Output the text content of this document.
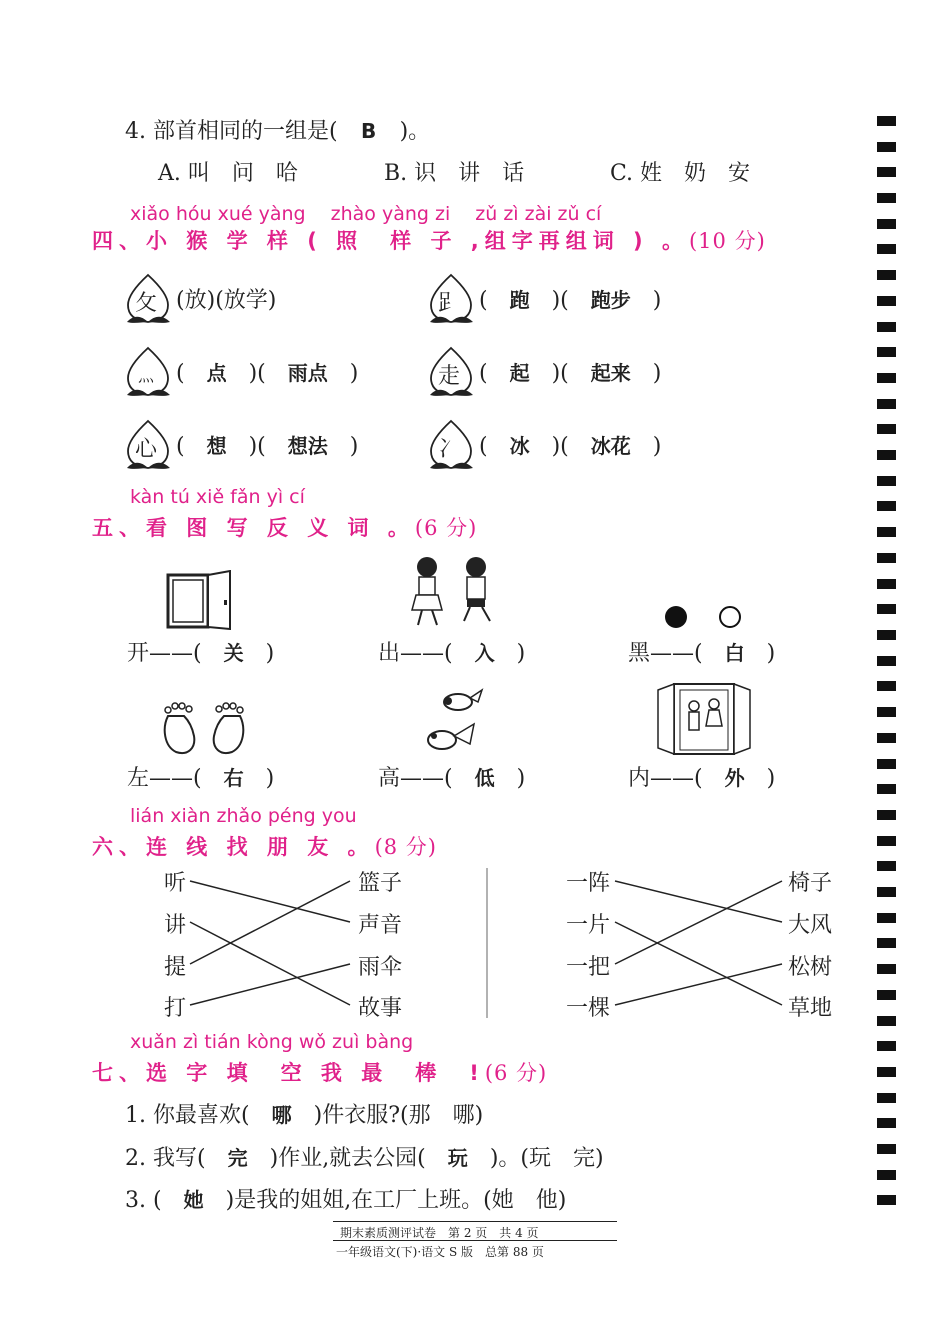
4. 部首相同的一组是( B )。
A. 叫　问　哈	B. 识　讲　话	C. 姓　奶　安
xiǎo hóu xué yàng　 zhào yàng zi　 zǔ zì zài zǔ cí
四、小 猴 学 样 ( 照　样 子 ,组字再组词 ) 。(10 分)
攵 (放)(放学)	𧾷 (　跑　)(　跑步　)
灬	(　点　)(　雨点　)	走 (　起　)(　起来　)
心 (　想　)(　想法　)	冫 (　冰　)(　冰花　)
kàn tú xiě fǎn yì cí
五、看 图 写 反 义 词 。(6 分)
开——(　 关　)	出——(　 入　)	黑——(　 白　)
左——(　 右　)	高——(　 低　)	内——(　 外　)
lián xiàn zhǎo péng you
六、连 线 找 朋 友 。(8 分)
听
讲
提
打
篮子
声音
雨伞
故事
一阵
一片
一把
一棵
椅子
大风
松树
草地
xuǎn zì tián kòng wǒ zuì bàng
七、选 字 填　空 我 最　棒　!(6 分)
1. 你最喜欢(　 哪　 )件衣服?(那　哪)
2. 我写(　 完　 )作业,就去公园(　 玩　 )。(玩　完)
3. (　 她　 )是我的姐姐,在工厂上班。(她　他)
期末素质测评试卷　第 2 页　共 4 页
一年级语文(下)·语文 S 版　总第 88 页
